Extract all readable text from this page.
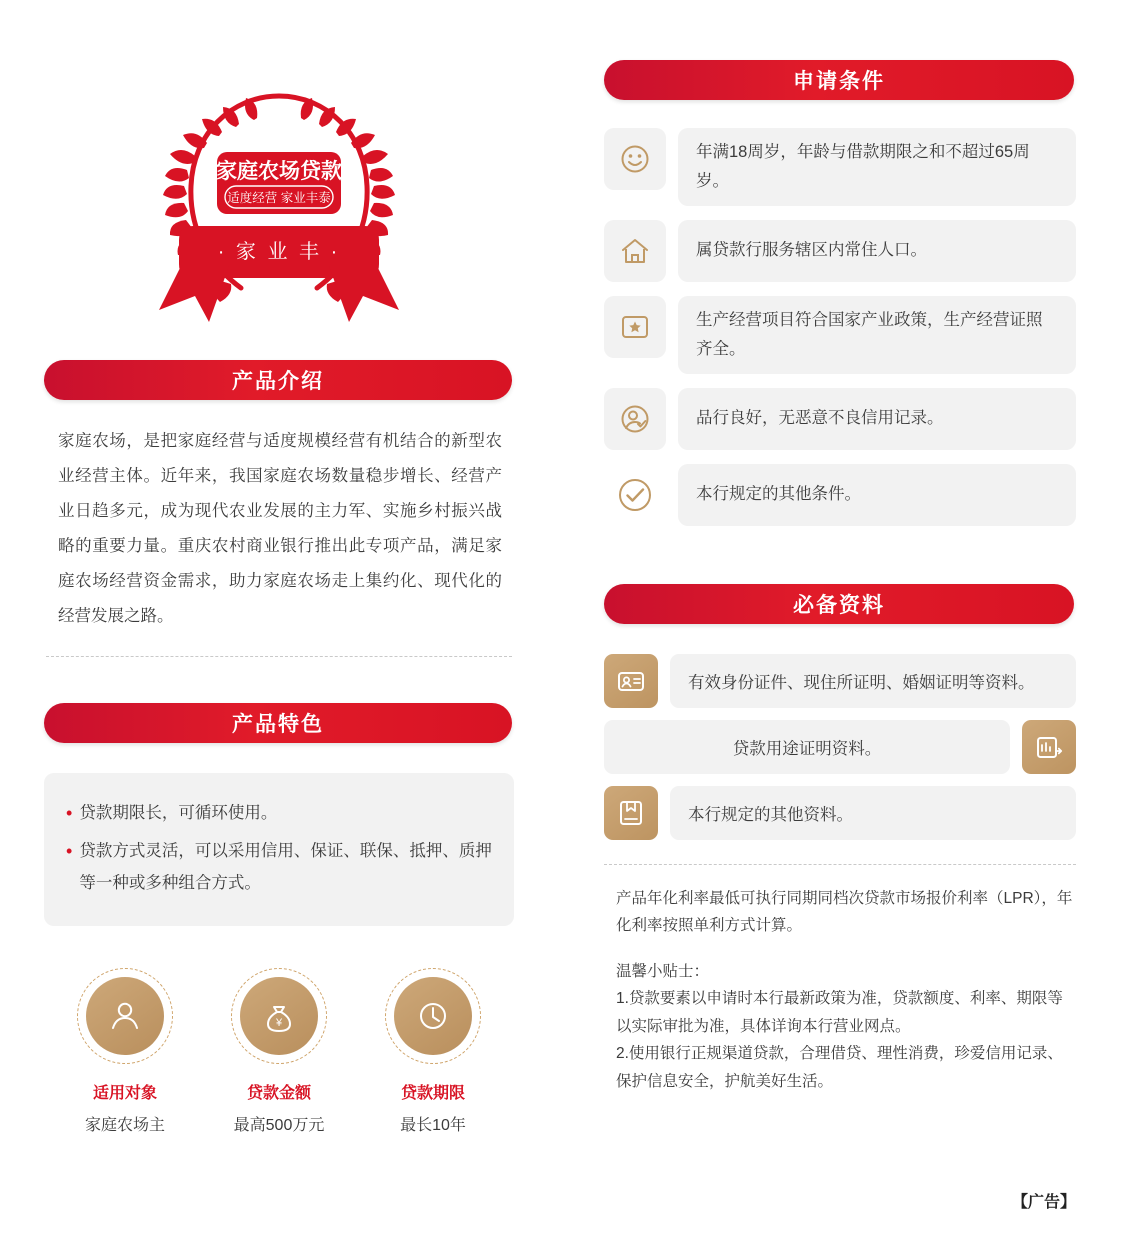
家庭农场贷款
适度经营 家业丰泰
· 家 业 丰 ·
产品介绍

家庭农场，是把家庭经营与适度规模经营有机结合的新型农业经营主体。近年来，我国家庭农场数量稳步增长、经营产业日趋多元，成为现代农业发展的主力军、实施乡村振兴战略的重要力量。重庆农村商业银行推出此专项产品，满足家庭农场经营资金需求，助力家庭农场走上集约化、现代化的经营发展之路。

产品特色
• 贷款期限长，可循环使用。
• 贷款方式灵活，可以采用信用、保证、联保、抵押、质押等一种或多种组合方式。
适用对象
家庭农场主
¥
贷款金额
最高500万元
贷款期限
最长10年
申请条件
年满18周岁，年龄与借款期限之和不超过65周岁。
属贷款行服务辖区内常住人口。
生产经营项目符合国家产业政策，生产经营证照齐全。
品行良好，无恶意不良信用记录。
本行规定的其他条件。
必备资料
有效身份证件、现住所证明、婚姻证明等资料。
贷款用途证明资料。
本行规定的其他资料。
产品年化利率最低可执行同期同档次贷款市场报价利率（LPR），年化利率按照单利方式计算。
温馨小贴士：
1.贷款要素以申请时本行最新政策为准，贷款额度、利率、期限等以实际审批为准，具体详询本行营业网点。
2.使用银行正规渠道贷款，合理借贷、理性消费，珍爱信用记录、保护信息安全，护航美好生活。
【广告】
